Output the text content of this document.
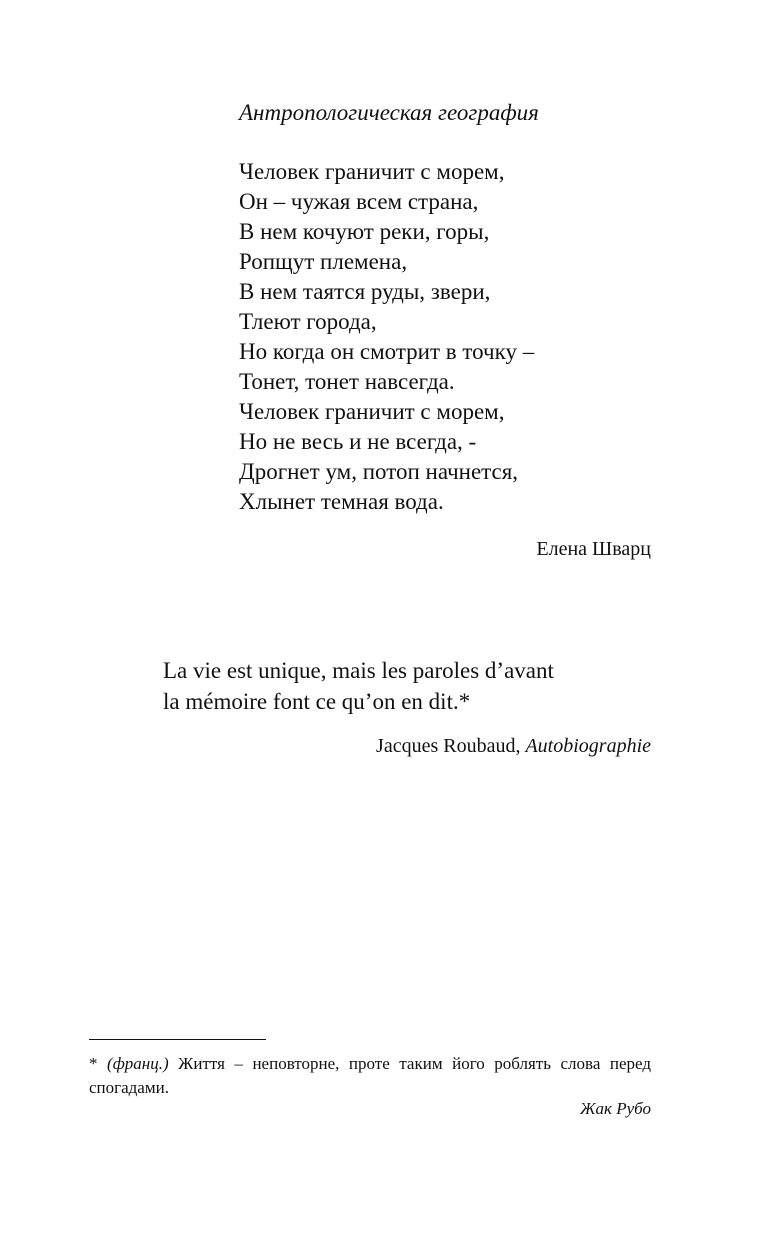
Антропологическая география
Человек граничит с морем,
Он – чужая всем страна,
В нем кочуют реки, горы,
Ропщут племена,
В нем таятся руды, звери,
Тлеют города,
Но когда он смотрит в точку –
Тонет, тонет навсегда.
Человек граничит с морем,
Но не весь и не всегда, -
Дрогнет ум, потоп начнется,
Хлынет темная вода.
Елена Шварц
La vie est unique, mais les paroles d’avant
la mémoire font ce qu’on en dit.*
Jacques Roubaud, Autobiographie
* (франц.) Життя – неповторне, проте таким його роблять слова перед спогадами.
Жак Рубо
